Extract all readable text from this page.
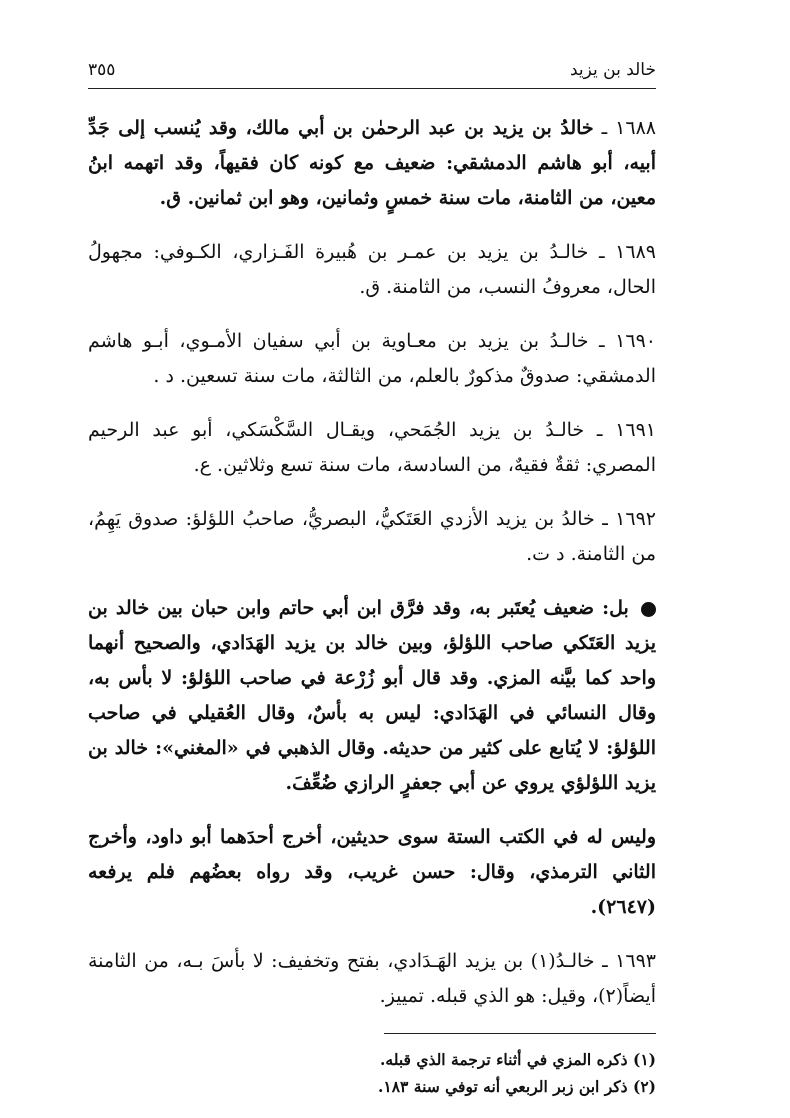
خالد بن يزيد
٣٥٥

١٦٨٨ ـ خالدُ بن يزيد بن عبد الرحمٰن بن أبي مالك، وقد يُنسب إلى جَدِّ أبيه، أبو هاشم الدمشقي: ضعيف مع كونه كان فقيهاً، وقد اتهمه ابنُ معين، من الثامنة، مات سنة خمسٍ وثمانين، وهو ابن ثمانين. ق.

١٦٨٩ ـ خالـدُ بن يزيد بن عمـر بن هُبيرة الفَـزاري، الكـوفي: مجهولُ الحال، معروفُ النسب، من الثامنة. ق.

١٦٩٠ ـ خالـدُ بن يزيد بن معـاوية بن أبي سفيان الأمـوي، أبـو هاشم الدمشقي: صدوقٌ مذكورٌ بالعلم، من الثالثة، مات سنة تسعين. د .

١٦٩١ ـ خالـدُ بن يزيد الجُمَحي، ويقـال السَّكْسَكي، أبو عبد الرحيم المصري: ثقةٌ فقيهٌ، من السادسة، مات سنة تسع وثلاثين. ع.

١٦٩٢ ـ خالدُ بن يزيد الأزدي العَتَكيُّ، البصريُّ، صاحبُ اللؤلؤ: صدوق يَهِمُ، من الثامنة. د ت.

بل: ضعيف يُعتَبر به، وقد فرَّق ابن أبي حاتم وابن حبان بين خالد بن يزيد العَتَكي صاحب اللؤلؤ، وبين خالد بن يزيد الهَدَادي، والصحيح أنهما واحد كما بيَّنه المزي. وقد قال أبو زُرْعة في صاحب اللؤلؤ: لا بأس به، وقال النسائي في الهَدَادي: ليس به بأسٌ، وقال العُقيلي في صاحب اللؤلؤ: لا يُتابع على كثير من حديثه. وقال الذهبي في «المغني»: خالد بن يزيد اللؤلؤي يروي عن أبي جعفرٍ الرازي ضُعِّفَ.

وليس له في الكتب الستة سوى حديثين، أخرج أحدَهما أبو داود، وأخرج الثاني الترمذي، وقال: حسن غريب، وقد رواه بعضُهم فلم يرفعه (٢٦٤٧).

١٦٩٣ ـ خالـدُ(١) بن يزيد الهَـدَادي، بفتح وتخفيف: لا بأسَ بـه، من الثامنة أيضاً(٢)، وقيل: هو الذي قبله. تمييز.

(١) ذكره المزي في أثناء ترجمة الذي قبله.
(٢) ذكر ابن زبر الربعي أنه توفي سنة ١٨٣.
